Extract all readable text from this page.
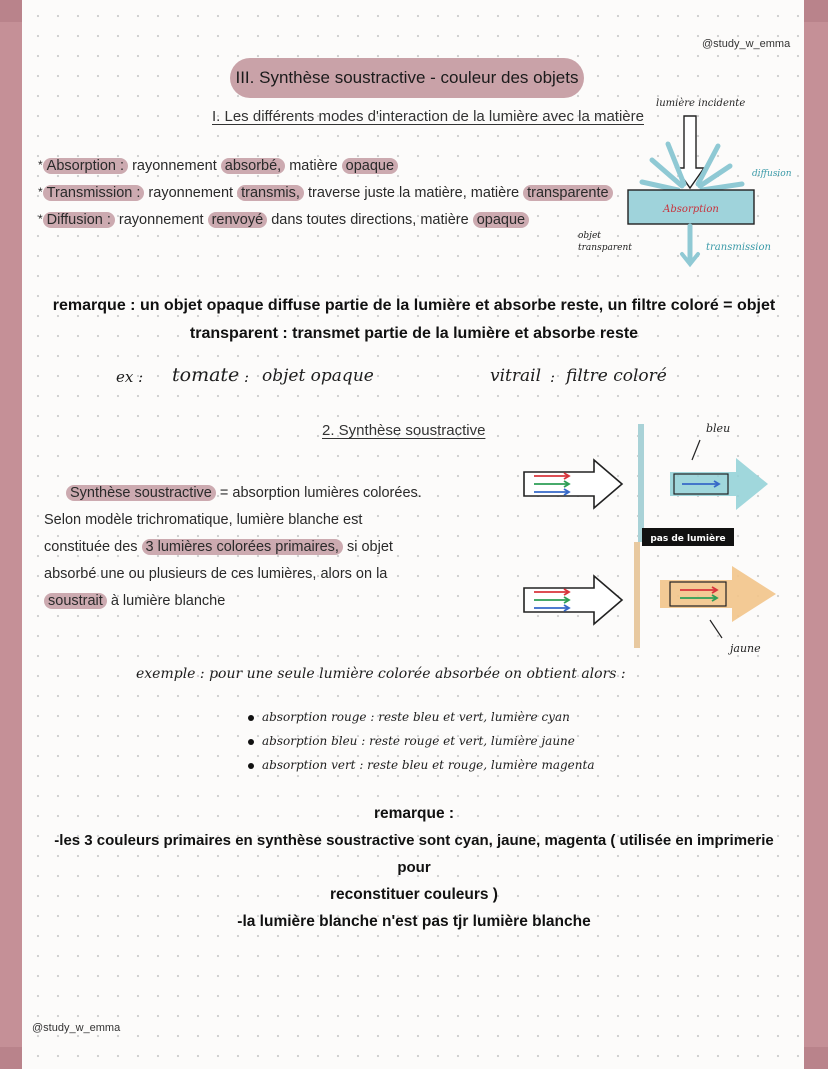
@study_w_emma
@study_w_emma
III. Synthèse soustractive - couleur des objets
I. Les différents modes d'interaction de la lumière avec la matière
* Absorption : rayonnement absorbé, matière opaque
* Transmission : rayonnement transmis, traverse juste la matière, matière transparente
* Diffusion : rayonnement renvoyé dans toutes directions, matière opaque
lumière incidente
diffusion
Absorption
objet
transparent	transmission
remarque : un objet opaque diffuse partie de la lumière et absorbe reste, un filtre coloré = objet
transparent : transmet partie de la lumière et absorbe reste
ex : tomate : objet opaque	vitrail : filtre coloré
2. Synthèse soustractive
Synthèse soustractive = absorption lumières colorées.
Selon modèle trichromatique, lumière blanche est
constituée des 3 lumières colorées primaires, si objet
absorbé une ou plusieurs de ces lumières, alors on la
soustrait à lumière blanche
bleu
pas de lumière
jaune
exemple : pour une seule lumière colorée absorbée on obtient alors :
absorption rouge : reste bleu et vert, lumière cyan
absorption bleu : reste rouge et vert, lumière jaune
absorption vert : reste bleu et rouge, lumière magenta
remarque :
-les 3 couleurs primaires en synthèse soustractive sont cyan, jaune, magenta ( utilisée en imprimerie pour
reconstituer couleurs )
-la lumière blanche n'est pas tjr lumière blanche
